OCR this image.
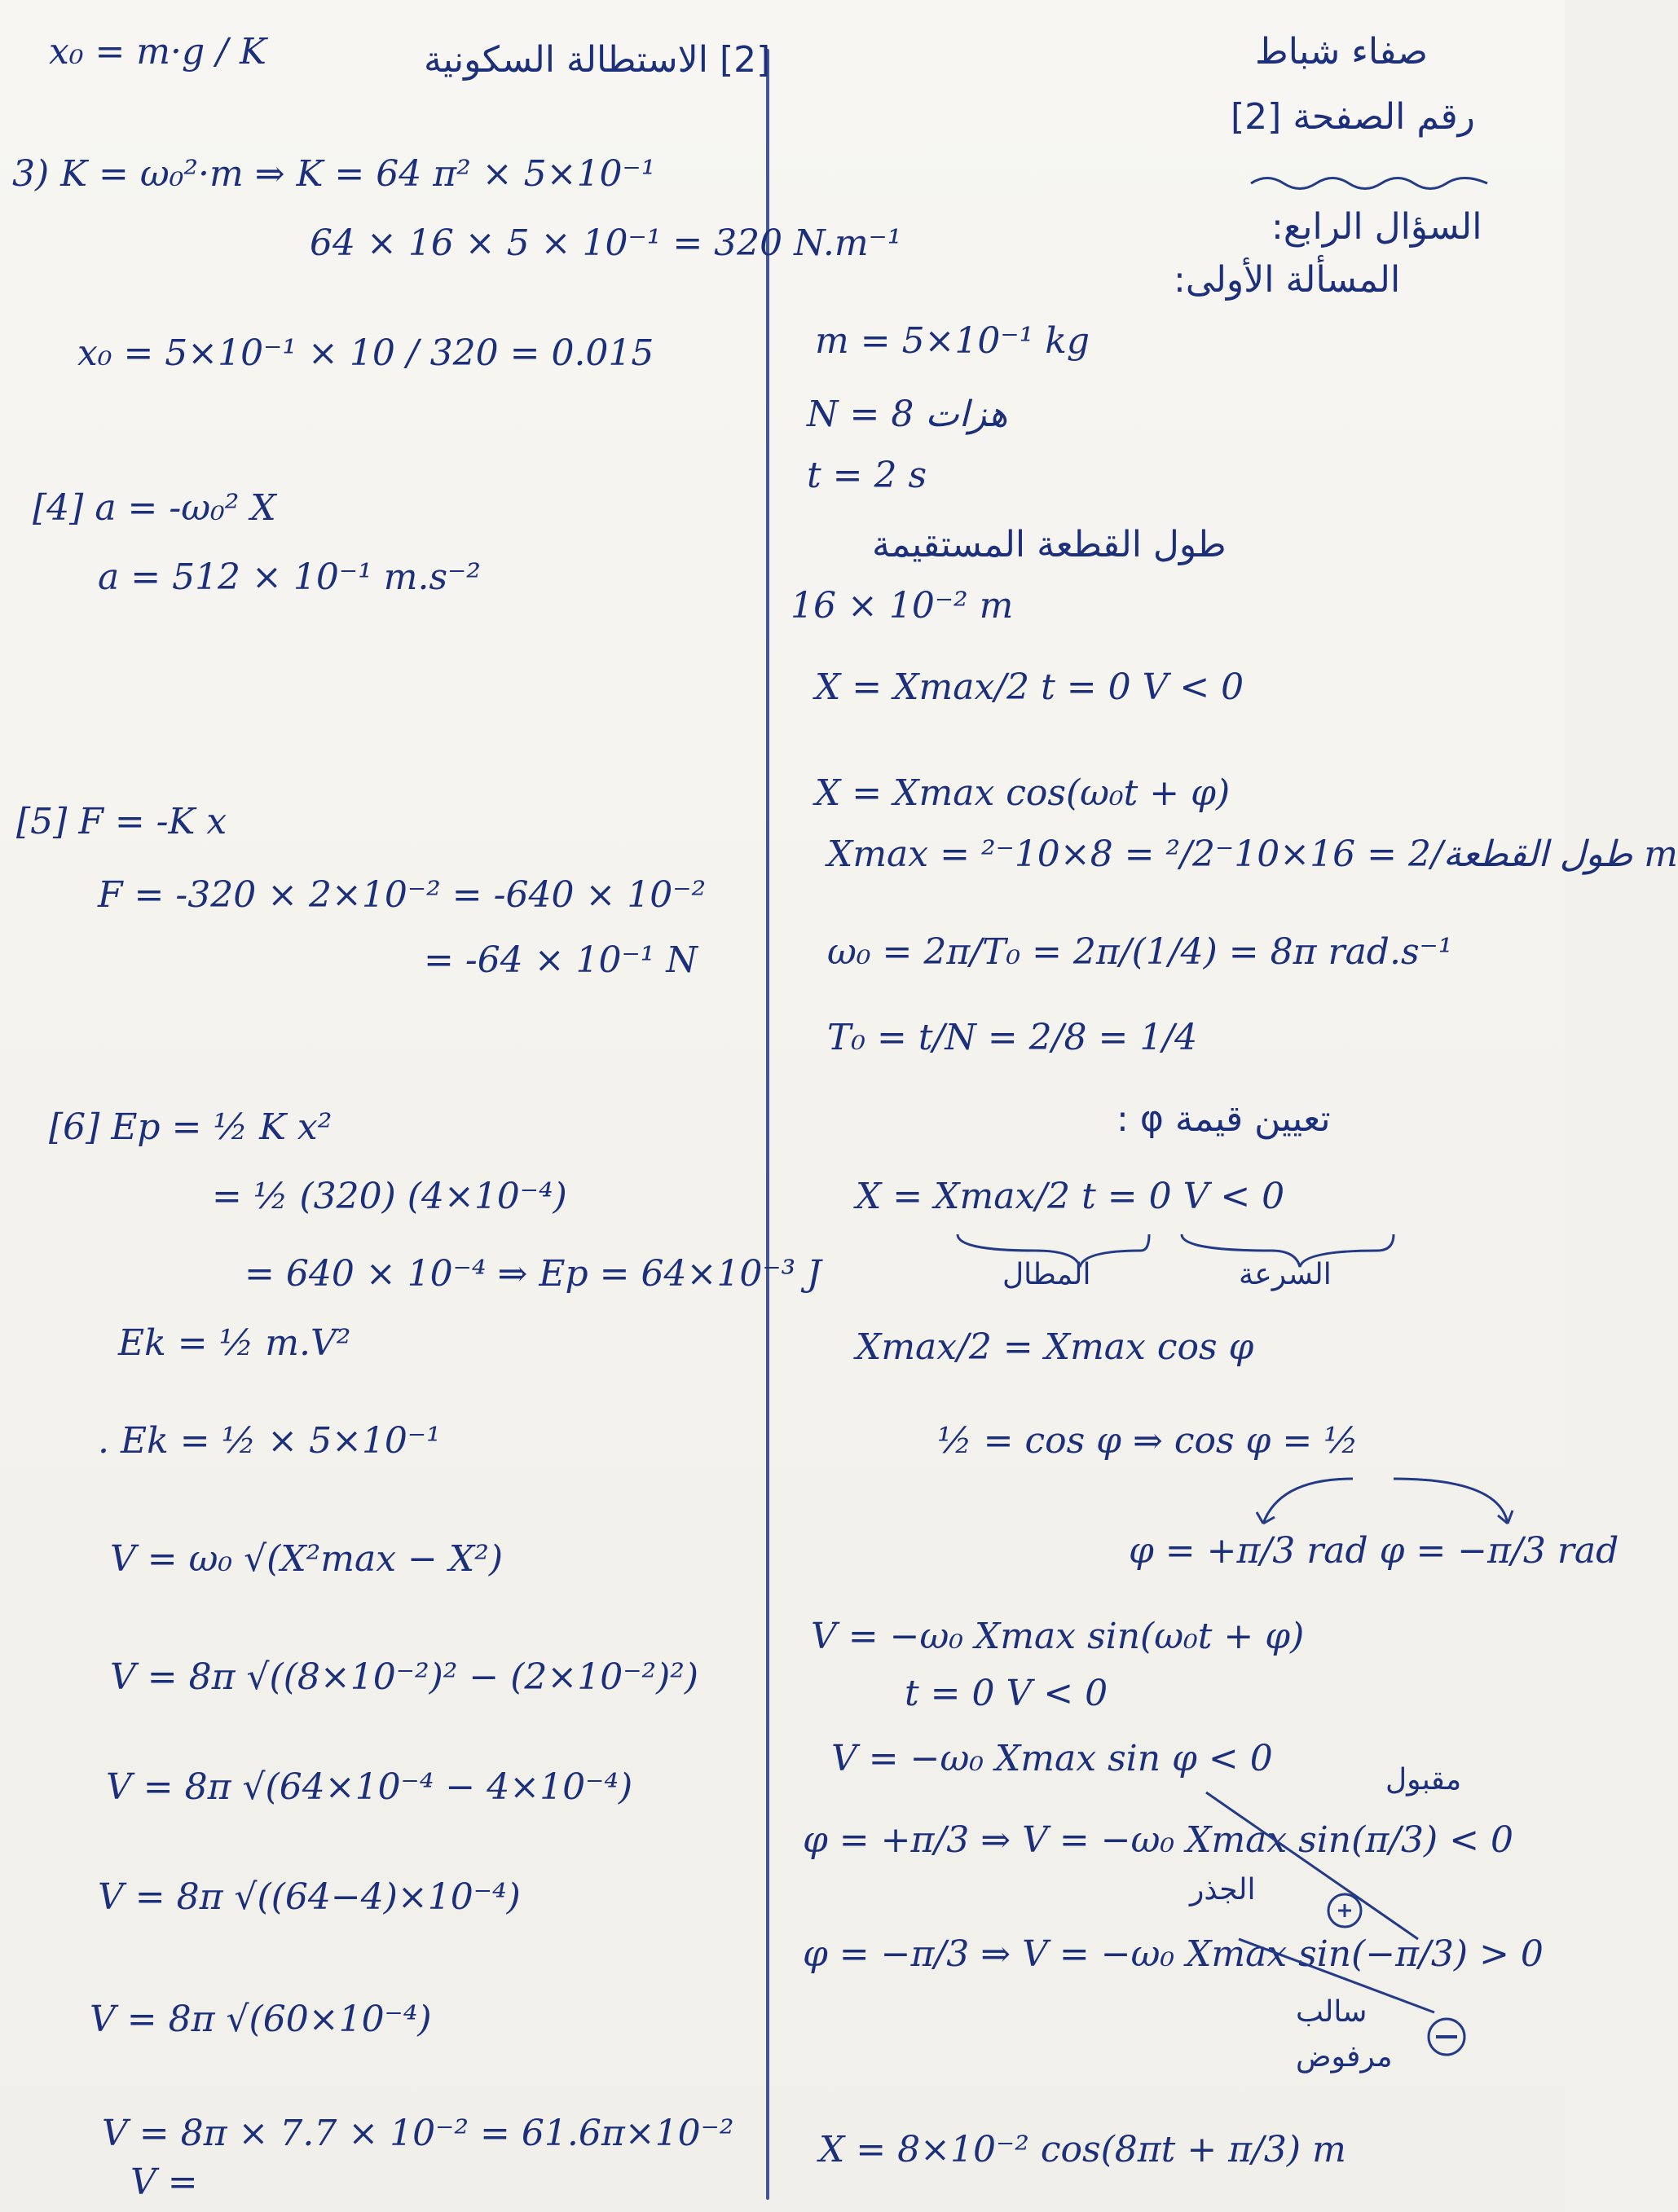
x₀ = m·g / K	[2] الاستطالة السكونية
3) K = ω₀²·m ⇒ K = 64 π² × 5×10⁻¹
64 × 16 × 5 × 10⁻¹ = 320 N.m⁻¹
x₀ = 5×10⁻¹ × 10 / 320 = 0.015
[4] a = -ω₀² X
a = 512 × 10⁻¹ m.s⁻²
[5] F = -K x
F = -320 × 2×10⁻² = -640 × 10⁻²
= -64 × 10⁻¹ N
[6] Ep = ½ K x²
= ½ (320) (4×10⁻⁴)
= 640 × 10⁻⁴ ⇒ Ep = 64×10⁻³ J
Ek = ½ m.V²
. Ek = ½ × 5×10⁻¹
V = ω₀ √(X²max − X²)
V = 8π √((8×10⁻²)² − (2×10⁻²)²)
V = 8π √(64×10⁻⁴ − 4×10⁻⁴)
V = 8π √((64−4)×10⁻⁴)
V = 8π √(60×10⁻⁴)
V = 8π × 7.7 × 10⁻² = 61.6π×10⁻²
V =
صفاء شباط
رقم الصفحة [2]
السؤال الرابع:
المسألة الأولى:
m = 5×10⁻¹ kg
N = 8 هزات
t = 2 s
طول القطعة المستقيمة
16 × 10⁻² m
X = Xmax/2 t = 0 V < 0
X = Xmax cos(ω₀t + φ)
Xmax = طول القطعة/2 = 16×10⁻²/2 = 8×10⁻² m
ω₀ = 2π/T₀ = 2π/(1/4) = 8π rad.s⁻¹
T₀ = t/N = 2/8 = 1/4
تعيين قيمة φ :
X = Xmax/2 t = 0 V < 0
المطال	السرعة
Xmax/2 = Xmax cos φ
½ = cos φ ⇒ cos φ = ½
φ = +π/3 rad φ = −π/3 rad
V = −ω₀ Xmax sin(ω₀t + φ)
t = 0 V < 0
V = −ω₀ Xmax sin φ < 0
φ = +π/3 ⇒ V = −ω₀ Xmax sin(π/3) < 0
مقبول
الجذر
φ = −π/3 ⇒ V = −ω₀ Xmax sin(−π/3) > 0
سالب
مرفوض
X = 8×10⁻² cos(8πt + π/3) m
